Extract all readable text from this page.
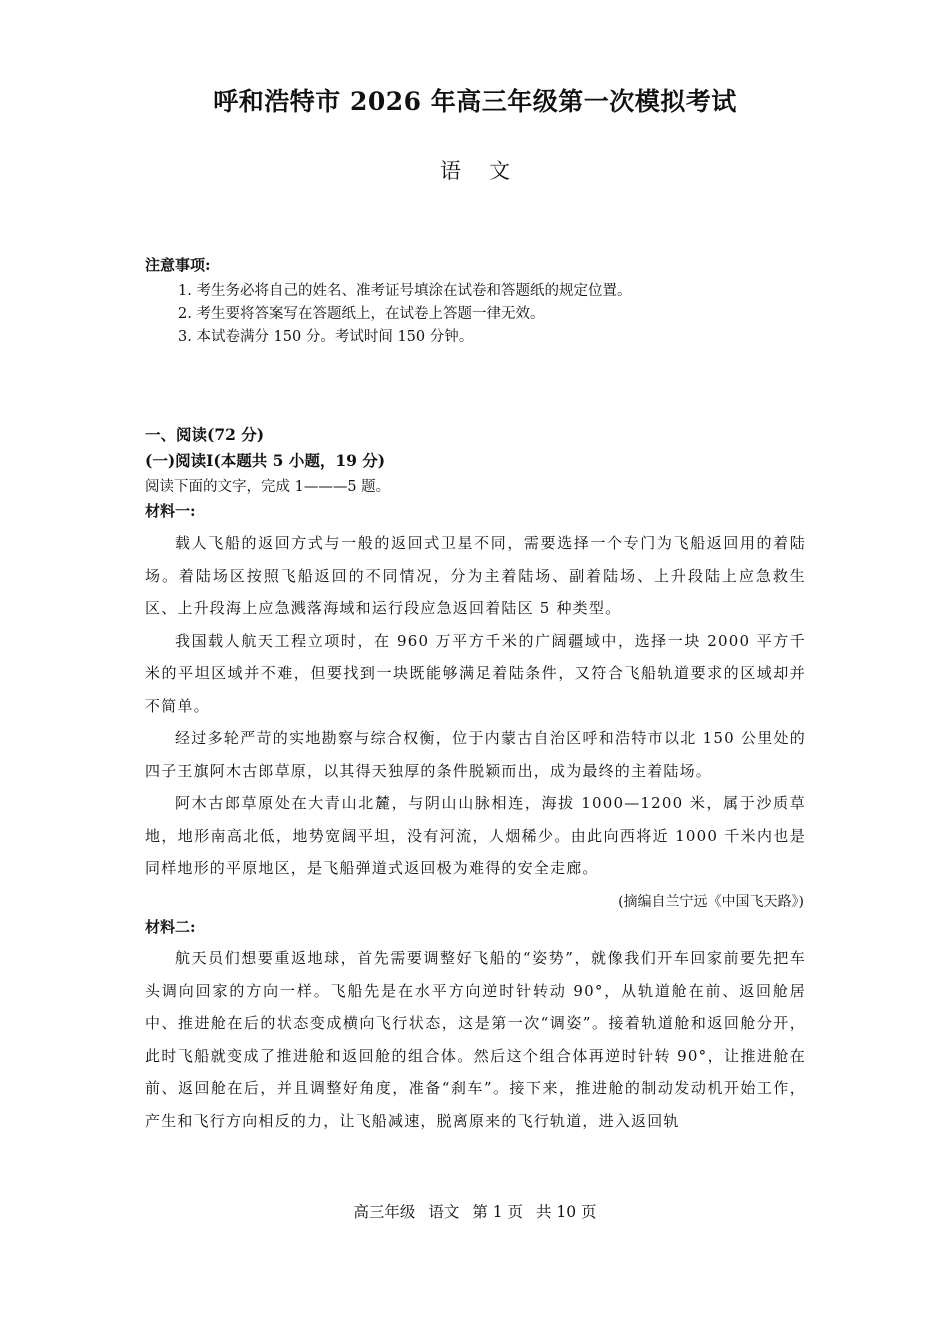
呼和浩特市 2026 年高三年级第一次模拟考试
语文
注意事项:
1. 考生务必将自己的姓名、准考证号填涂在试卷和答题纸的规定位置。
2. 考生要将答案写在答题纸上，在试卷上答题一律无效。
3. 本试卷满分 150 分。考试时间 150 分钟。
一、阅读(72 分)
(一)阅读Ⅰ(本题共 5 小题，19 分)
阅读下面的文字，完成 1———5 题。
材料一:

载人飞船的返回方式与一般的返回式卫星不同，需要选择一个专门为飞船返回用的着陆场。着陆场区按照飞船返回的不同情况，分为主着陆场、副着陆场、上升段陆上应急救生区、上升段海上应急溅落海域和运行段应急返回着陆区 5 种类型。

我国载人航天工程立项时，在 960 万平方千米的广阔疆域中，选择一块 2000 平方千米的平坦区域并不难，但要找到一块既能够满足着陆条件，又符合飞船轨道要求的区域却并不简单。

经过多轮严苛的实地勘察与综合权衡，位于内蒙古自治区呼和浩特市以北 150 公里处的四子王旗阿木古郎草原，以其得天独厚的条件脱颖而出，成为最终的主着陆场。

阿木古郎草原处在大青山北麓，与阴山山脉相连，海拔 1000—1200 米，属于沙质草地，地形南高北低，地势宽阔平坦，没有河流，人烟稀少。由此向西将近 1000 千米内也是同样地形的平原地区，是飞船弹道式返回极为难得的安全走廊。

(摘编自兰宁远《中国飞天路》)
材料二:

航天员们想要重返地球，首先需要调整好飞船的“姿势”，就像我们开车回家前要先把车头调向回家的方向一样。飞船先是在水平方向逆时针转动 90°，从轨道舱在前、返回舱居中、推进舱在后的状态变成横向飞行状态，这是第一次“调姿”。接着轨道舱和返回舱分开，此时飞船就变成了推进舱和返回舱的组合体。然后这个组合体再逆时针转 90°，让推进舱在前、返回舱在后，并且调整好角度，准备“刹车”。接下来，推进舱的制动发动机开始工作，产生和飞行方向相反的力，让飞船减速，脱离原来的飞行轨道，进入返回轨

高三年级 语文 第 1 页 共 10 页
